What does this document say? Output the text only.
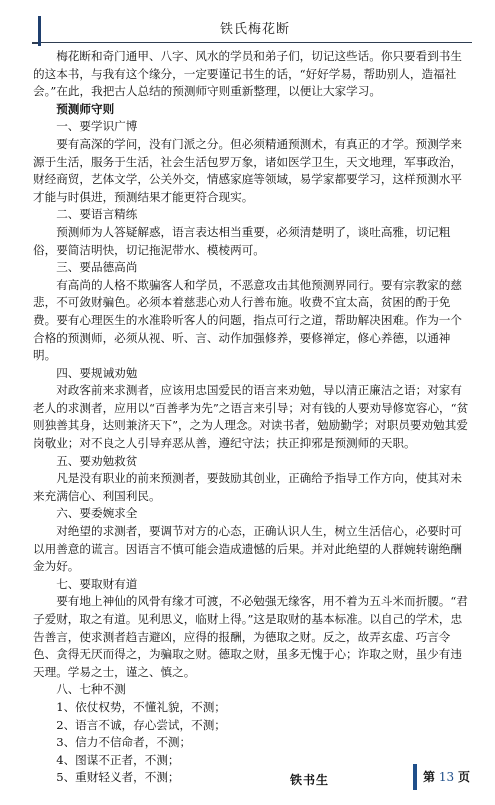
铁氏梅花断

梅花断和奇门通甲、八字、风水的学员和弟子们，切记这些话。你只要看到书生的这本书，与我有这个缘分，一定要谨记书生的话，“好好学易，帮助别人，造福社会。”在此，我把古人总结的预测师守则重新整理，以便让大家学习。

预测师守则

一、要学识广博

要有高深的学问，没有门派之分。但必须精通预测术，有真正的才学。预测学来源于生活，服务于生活，社会生活包罗万象，诸如医学卫生，天文地理，军事政治，财经商贸，艺体文学，公关外交，情感家庭等领域，易学家都要学习，这样预测水平才能与时俱进，预测结果才能更符合现实。

二、要语言精练

预测师为人答疑解惑，语言表达相当重要，必须清楚明了，谈吐高雅，切记粗俗，要简洁明快，切记拖泥带水、模棱两可。

三、要品德高尚

有高尚的人格不欺骗客人和学员，不恶意攻击其他预测界同行。要有宗教家的慈悲，不可敛财骗色。必须本着慈悲心劝人行善布施。收费不宜太高，贫困的酌于免费。要有心理医生的水准聆听客人的问题，指点可行之道，帮助解决困难。作为一个合格的预测师，必须从视、听、言、动作加强修养，要修禅定，修心养德，以通神明。

四、要规诫劝勉

对政客前来求测者，应该用忠国爱民的语言来劝勉，导以清正廉洁之语；对家有老人的求测者，应用以“百善孝为先”之语言来引导；对有钱的人要劝导修宽容心，“贫则独善其身，达则兼济天下”，之为人理念。对读书者，勉励勤学；对职员要劝勉其爱岗敬业；对不良之人引导弃恶从善，遵纪守法；扶正抑邪是预测师的天职。

五、要劝勉救贫

凡是没有职业的前来预测者，要鼓励其创业，正确给予指导工作方向，使其对未来充满信心、利国利民。

六、要委婉求全

对绝望的求测者，要调节对方的心态，正确认识人生，树立生活信心，必要时可以用善意的谎言。因语言不慎可能会造成遗憾的后果。并对此绝望的人群婉转谢绝酬金为好。

七、要取财有道

要有地上神仙的风骨有缘才可渡，不必勉强无缘客，用不着为五斗米而折腰。“君子爱财，取之有道。见利思义，临财上得。”这是取财的基本标准。以自己的学术，忠告善言，使求测者趋吉避凶，应得的报酬，为德取之财。反之，故弄玄虚、巧言令色、贪得无厌而得之，为骗取之财。德取之财，虽多无愧于心；诈取之财，虽少有违天理。学易之士，谨之、慎之。

八、七种不测

1、依仗权势，不懂礼貌，不测；

2、语言不诚，存心尝试，不测；

3、信力不信命者，不测；

4、图谋不正者，不测；

5、重财轻义者，不测；	铁书生	第 13 页
